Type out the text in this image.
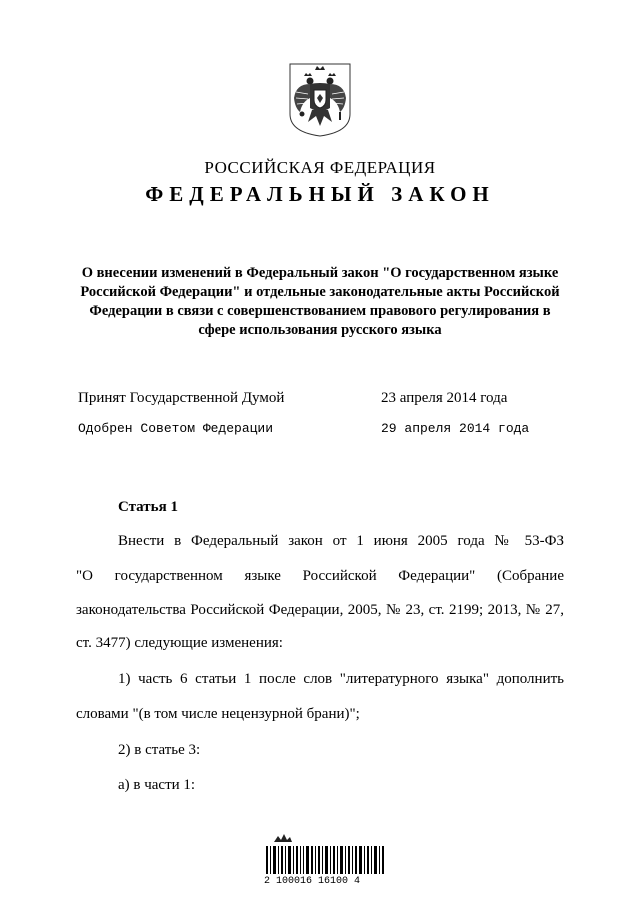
РОССИЙСКАЯ ФЕДЕРАЦИЯ
ФЕДЕРАЛЬНЫЙ ЗАКОН
О внесении изменений в Федеральный закон "О государственном языке Российской Федерации" и отдельные законодательные акты Российской Федерации в связи с совершенствованием правового регулирования в сфере использования русского языка
Принят Государственной Думой	23 апреля 2014 года
Одобрен Советом Федерации	29 апреля 2014 года
Статья 1
Внести в Федеральный закон от 1 июня 2005 года № 53-ФЗ
"О государственном языке Российской Федерации" (Собрание
законодательства Российской Федерации, 2005, № 23, ст. 2199; 2013, № 27,
ст. 3477) следующие изменения:
1) часть 6 статьи 1 после слов "литературного языка" дополнить
словами "(в том числе нецензурной брани)";
2) в статье 3:
а) в части 1:
2 100016 16100 4
